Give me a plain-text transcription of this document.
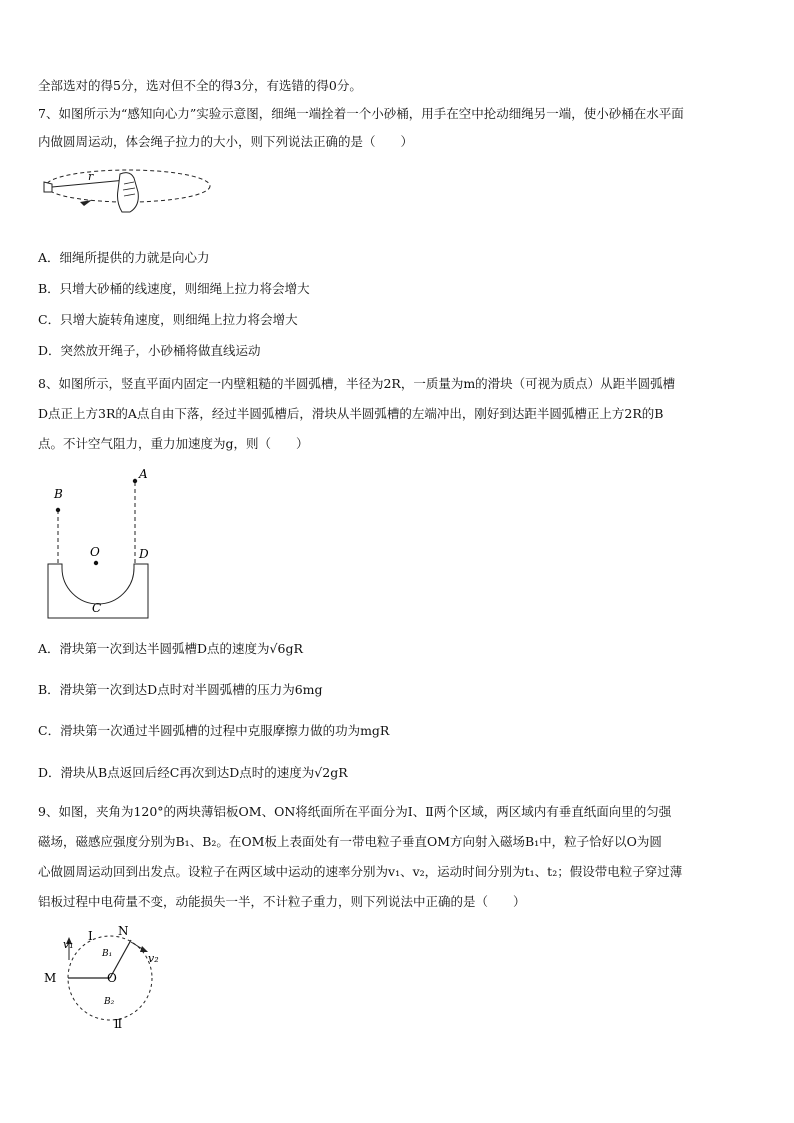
全部选对的得5分，选对但不全的得3分，有选错的得0分。
7、如图所示为“感知向心力”实验示意图，细绳一端拴着一个小砂桶，用手在空中抡动细绳另一端，使小砂桶在水平面
内做圆周运动，体会绳子拉力的大小，则下列说法正确的是（　　）
r
A．细绳所提供的力就是向心力
B．只增大砂桶的线速度，则细绳上拉力将会增大
C．只增大旋转角速度，则细绳上拉力将会增大
D．突然放开绳子，小砂桶将做直线运动
8、如图所示，竖直平面内固定一内壁粗糙的半圆弧槽，半径为2R，一质量为m的滑块（可视为质点）从距半圆弧槽
D点正上方3R的A点自由下落，经过半圆弧槽后，滑块从半圆弧槽的左端冲出，刚好到达距半圆弧槽正上方2R的B
点。不计空气阻力，重力加速度为g，则（　　）
B
A
O	D
C
A．滑块第一次到达半圆弧槽D点的速度为√6gR
B．滑块第一次到达D点时对半圆弧槽的压力为6mg
C．滑块第一次通过半圆弧槽的过程中克服摩擦力做的功为mgR
D．滑块从B点返回后经C再次到达D点时的速度为√2gR
9、如图，夹角为120°的两块薄铝板OM、ON将纸面所在平面分为Ⅰ、Ⅱ两个区域，两区域内有垂直纸面向里的匀强
磁场，磁感应强度分别为B₁、B₂。在OM板上表面处有一带电粒子垂直OM方向射入磁场B₁中，粒子恰好以O为圆
心做圆周运动回到出发点。设粒子在两区域中运动的速率分别为v₁、v₂，运动时间分别为t₁、t₂；假设带电粒子穿过薄
铝板过程中电荷量不变，动能损失一半，不计粒子重力，则下列说法中正确的是（　　）
Ⅰ N
M	O
B₁
B₂
v₁
v₂
Ⅱ
